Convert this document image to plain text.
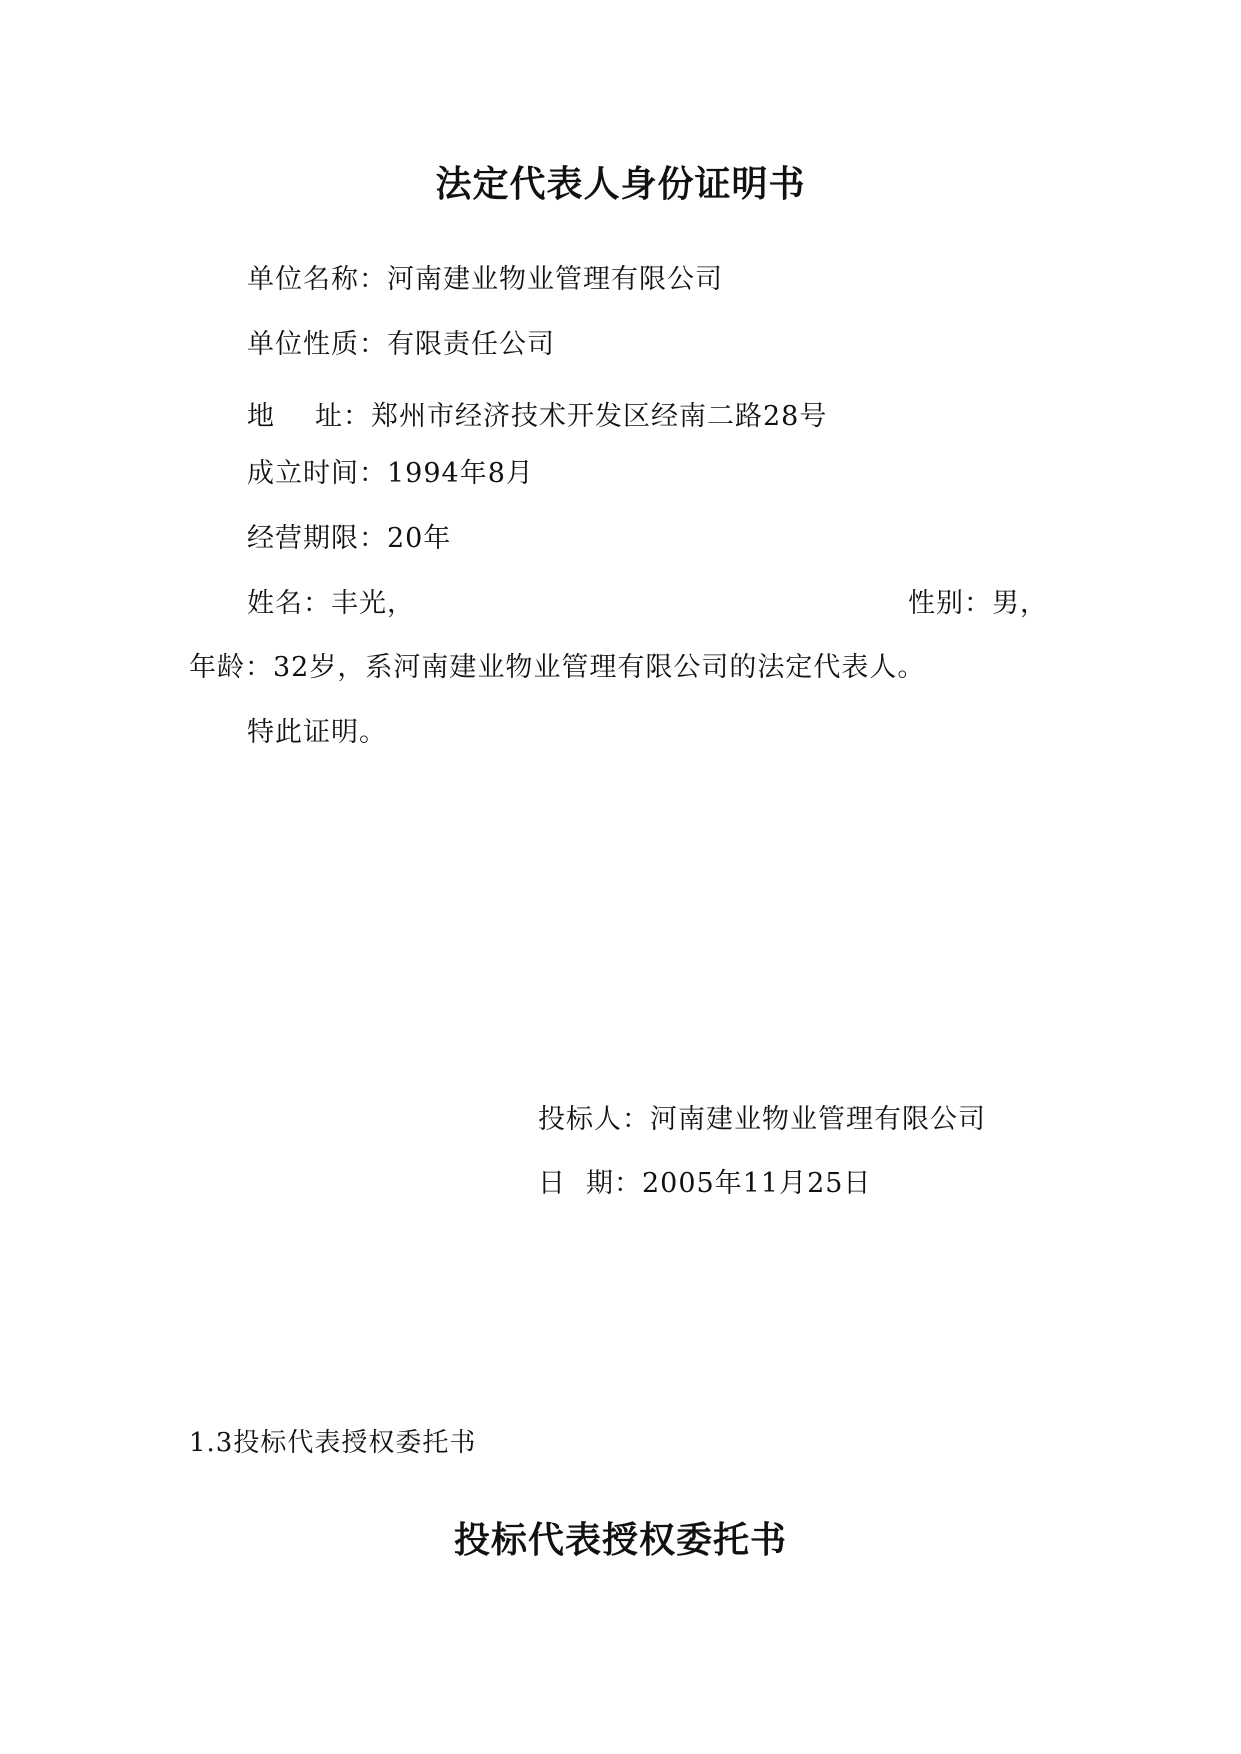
法定代表人身份证明书
单位名称：河南建业物业管理有限公司
单位性质：有限责任公司
地 址：郑州市经济技术开发区经南二路28号
成立时间：1994年8月
经营期限：20年
姓名：丰光，	性别：男，
年龄：32岁，系河南建业物业管理有限公司的法定代表人。
特此证明。
投标人：河南建业物业管理有限公司
日 期：2005年11月25日
1.3投标代表授权委托书
投标代表授权委托书
